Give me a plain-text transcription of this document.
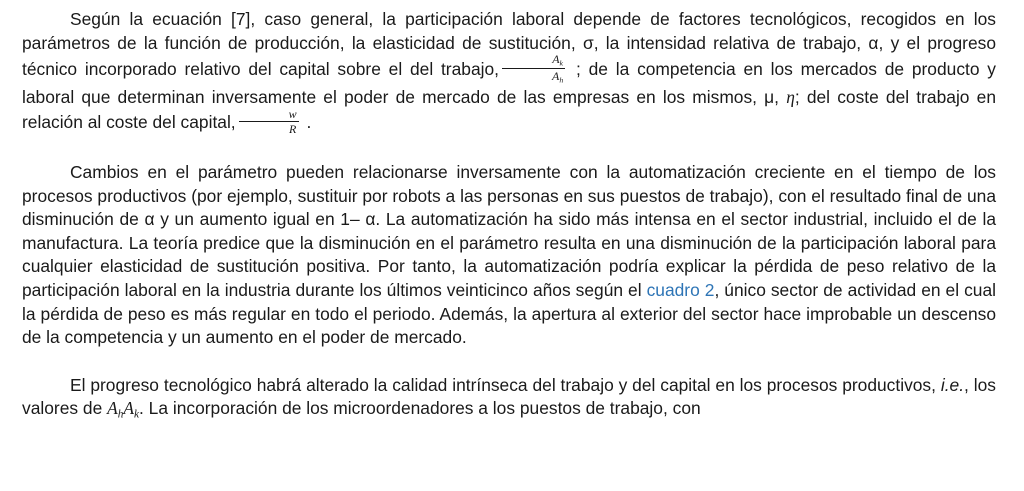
Según la ecuación [7], caso general, la participación laboral depende de factores tecnológicos, recogidos en los parámetros de la función de producción, la elasticidad de sustitución, σ, la intensidad relativa de trabajo, α, y el progreso técnico incorporado relativo del capital sobre el del trabajo, $\frac{A_k}{A_h}$ ; de la competencia en los mercados de producto y laboral que determinan inversamente el poder de mercado de las empresas en los mismos, μ, η; del coste del trabajo en relación al coste del capital, $\frac{w}{R}$ .

Cambios en el parámetro pueden relacionarse inversamente con la automatización creciente en el tiempo de los procesos productivos (por ejemplo, sustituir por robots a las personas en sus puestos de trabajo), con el resultado final de una disminución de α y un aumento igual en 1– α. La automatización ha sido más intensa en el sector industrial, incluido el de la manufactura. La teoría predice que la disminución en el parámetro resulta en una disminución de la participación laboral para cualquier elasticidad de sustitución positiva. Por tanto, la automatización podría explicar la pérdida de peso relativo de la participación laboral en la industria durante los últimos veinticinco años según el cuadro 2, único sector de actividad en el cual la pérdida de peso es más regular en todo el periodo. Además, la apertura al exterior del sector hace improbable un descenso de la competencia y un aumento en el poder de mercado.

El progreso tecnológico habrá alterado la calidad intrínseca del trabajo y del capital en los procesos productivos, i.e., los valores de $A_hA_k$. La incorporación de los microordenadores a los puestos de trabajo, con
